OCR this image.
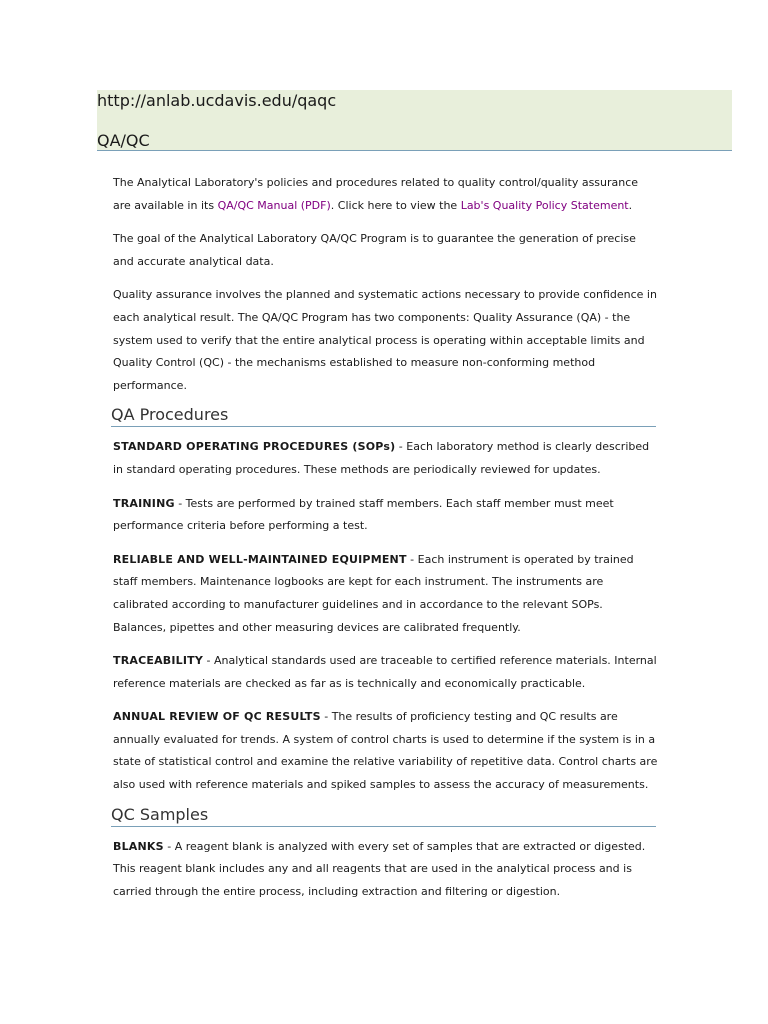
http://anlab.ucdavis.edu/qaqc
QA/QC

The Analytical Laboratory's policies and procedures related to quality control/quality assurance are available in its QA/QC Manual (PDF). Click here to view the Lab's Quality Policy Statement.

The goal of the Analytical Laboratory QA/QC Program is to guarantee the generation of precise and accurate analytical data.

Quality assurance involves the planned and systematic actions necessary to provide confidence in each analytical result. The QA/QC Program has two components: Quality Assurance (QA) - the system used to verify that the entire analytical process is operating within acceptable limits and Quality Control (QC) - the mechanisms established to measure non-conforming method performance.

QA Procedures

STANDARD OPERATING PROCEDURES (SOPs) - Each laboratory method is clearly described in standard operating procedures. These methods are periodically reviewed for updates.

TRAINING - Tests are performed by trained staff members. Each staff member must meet performance criteria before performing a test.

RELIABLE AND WELL-MAINTAINED EQUIPMENT - Each instrument is operated by trained staff members. Maintenance logbooks are kept for each instrument. The instruments are calibrated according to manufacturer guidelines and in accordance to the relevant SOPs. Balances, pipettes and other measuring devices are calibrated frequently.

TRACEABILITY - Analytical standards used are traceable to certified reference materials. Internal reference materials are checked as far as is technically and economically practicable.

ANNUAL REVIEW OF QC RESULTS - The results of proficiency testing and QC results are annually evaluated for trends. A system of control charts is used to determine if the system is in a state of statistical control and examine the relative variability of repetitive data. Control charts are also used with reference materials and spiked samples to assess the accuracy of measurements.

QC Samples

BLANKS - A reagent blank is analyzed with every set of samples that are extracted or digested. This reagent blank includes any and all reagents that are used in the analytical process and is carried through the entire process, including extraction and filtering or digestion.
